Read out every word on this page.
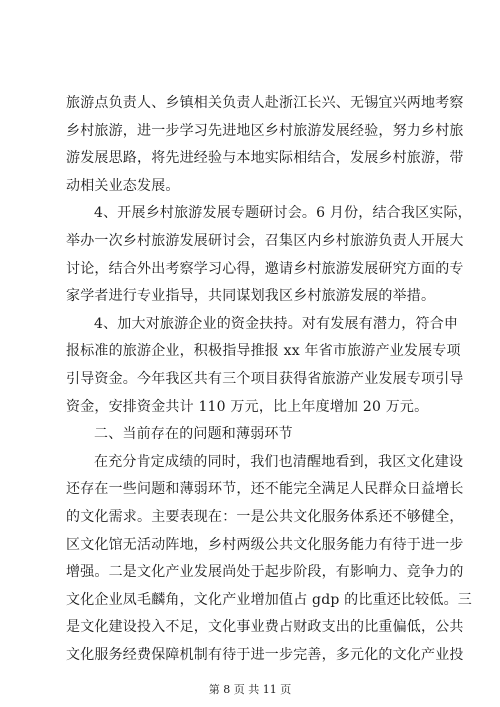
旅游点负责人、乡镇相关负责人赴浙江长兴、无锡宜兴两地考察
乡村旅游，进一步学习先进地区乡村旅游发展经验，努力乡村旅
游发展思路，将先进经验与本地实际相结合，发展乡村旅游，带
动相关业态发展。
4、开展乡村旅游发展专题研讨会。6 月份，结合我区实际，
举办一次乡村旅游发展研讨会，召集区内乡村旅游负责人开展大
讨论，结合外出考察学习心得，邀请乡村旅游发展研究方面的专
家学者进行专业指导，共同谋划我区乡村旅游发展的举措。
4、加大对旅游企业的资金扶持。对有发展有潜力，符合申
报标准的旅游企业，积极指导推报 xx 年省市旅游产业发展专项
引导资金。今年我区共有三个项目获得省旅游产业发展专项引导
资金，安排资金共计 110 万元，比上年度增加 20 万元。
二、当前存在的问题和薄弱环节
在充分肯定成绩的同时，我们也清醒地看到，我区文化建设
还存在一些问题和薄弱环节，还不能完全满足人民群众日益增长
的文化需求。主要表现在：一是公共文化服务体系还不够健全，
区文化馆无活动阵地，乡村两级公共文化服务能力有待于进一步
增强。二是文化产业发展尚处于起步阶段，有影响力、竞争力的
文化企业凤毛麟角，文化产业增加值占 gdp 的比重还比较低。三
是文化建设投入不足，文化事业费占财政支出的比重偏低，公共
文化服务经费保障机制有待于进一步完善，多元化的文化产业投
第 8 页 共 11 页
